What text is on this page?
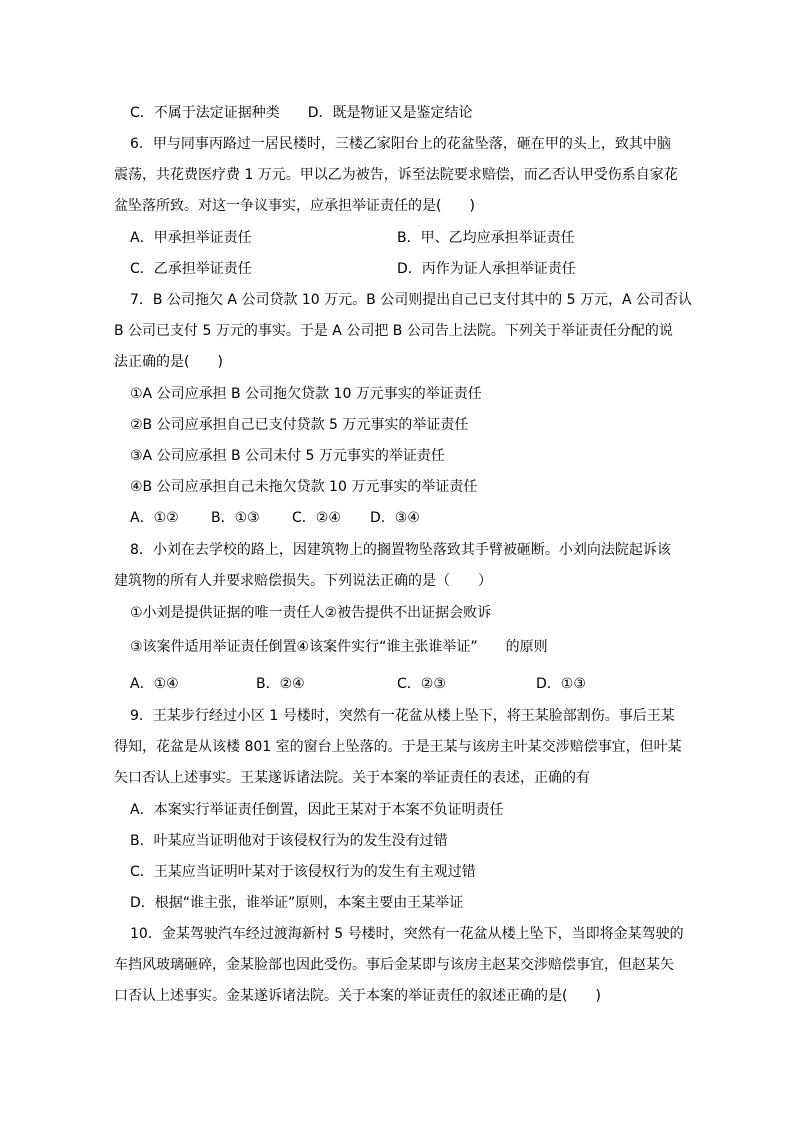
C．不属于法定证据种类　　D．既是物证又是鉴定结论
6．甲与同事丙路过一居民楼时，三楼乙家阳台上的花盆坠落，砸在甲的头上，致其中脑
震荡，共花费医疗费 1 万元。甲以乙为被告，诉至法院要求赔偿，而乙否认甲受伤系自家花
盆坠落所致。对这一争议事实，应承担举证责任的是(　　)
A．甲承担举证责任	B．甲、乙均应承担举证责任
C．乙承担举证责任	D．丙作为证人承担举证责任
7．B 公司拖欠 A 公司贷款 10 万元。B 公司则提出自己已支付其中的 5 万元，A 公司否认
B 公司已支付 5 万元的事实。于是 A 公司把 B 公司告上法院。下列关于举证责任分配的说
法正确的是(　　)
①A 公司应承担 B 公司拖欠贷款 10 万元事实的举证责任
②B 公司应承担自己已支付贷款 5 万元事实的举证责任
③A 公司应承担 B 公司未付 5 万元事实的举证责任
④B 公司应承担自己未拖欠贷款 10 万元事实的举证责任
A．①② B．①③ C．②④ D．③④
8．小刘在去学校的路上，因建筑物上的搁置物坠落致其手臂被砸断。小刘向法院起诉该
建筑物的所有人并要求赔偿损失。下列说法正确的是（　　）
①小刘是提供证据的唯一责任人②被告提供不出证据会败诉
③该案件适用举证责任倒置④该案件实行“谁主张谁举证”　　的原则
A．①④	B．②④	C．②③	D．①③
9．王某步行经过小区 1 号楼时，突然有一花盆从楼上坠下，将王某脸部割伤。事后王某
得知，花盆是从该楼 801 室的窗台上坠落的。于是王某与该房主叶某交涉赔偿事宜，但叶某
矢口否认上述事实。王某遂诉诸法院。关于本案的举证责任的表述，正确的有
A．本案实行举证责任倒置，因此王某对于本案不负证明责任
B．叶某应当证明他对于该侵权行为的发生没有过错
C．王某应当证明叶某对于该侵权行为的发生有主观过错
D．根据“谁主张，谁举证”原则，本案主要由王某举证
10．金某驾驶汽车经过渡海新村 5 号楼时，突然有一花盆从楼上坠下，当即将金某驾驶的
车挡风玻璃砸碎，金某脸部也因此受伤。事后金某即与该房主赵某交涉赔偿事宜，但赵某矢
口否认上述事实。金某遂诉诸法院。关于本案的举证责任的叙述正确的是(　　)
